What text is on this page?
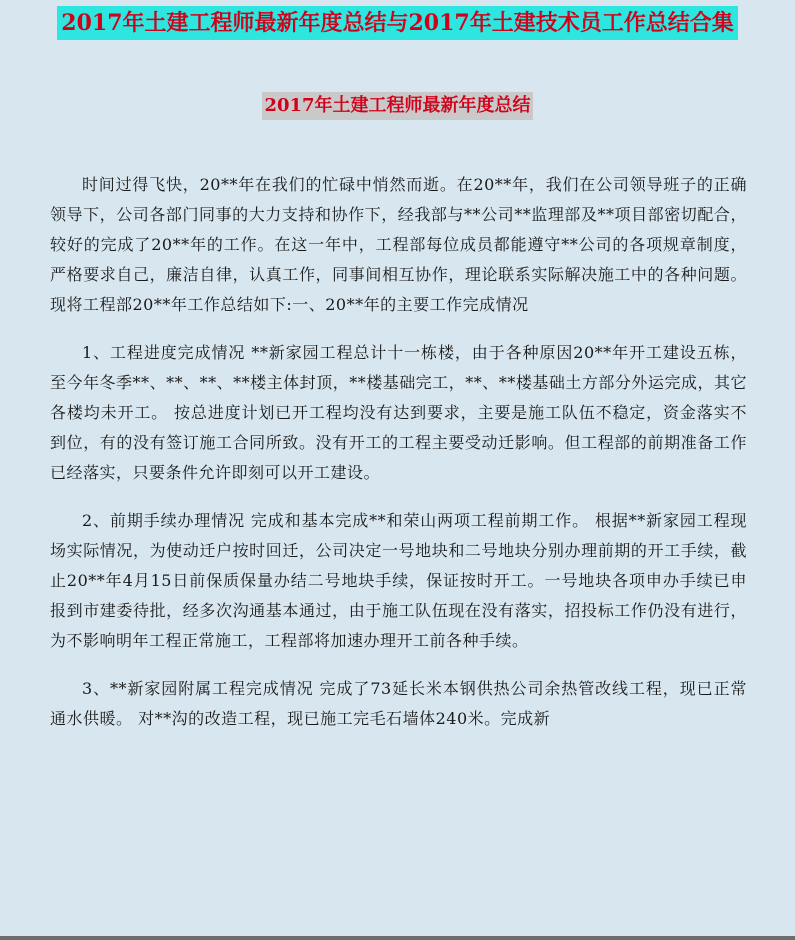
2017年土建工程师最新年度总结与2017年土建技术员工作总结合集
2017年土建工程师最新年度总结

时间过得飞快，20**年在我们的忙碌中悄然而逝。在20**年，我们在公司领导班子的正确领导下，公司各部门同事的大力支持和协作下，经我部与**公司**监理部及**项目部密切配合，较好的完成了20**年的工作。在这一年中，工程部每位成员都能遵守**公司的各项规章制度，严格要求自己，廉洁自律，认真工作，同事间相互协作，理论联系实际解决施工中的各种问题。 现将工程部20**年工作总结如下:一、20**年的主要工作完成情况

1、工程进度完成情况 **新家园工程总计十一栋楼，由于各种原因20**年开工建设五栋，至今年冬季**、**、**、**楼主体封顶，**楼基础完工，**、**楼基础土方部分外运完成，其它各楼均未开工。 按总进度计划已开工程均没有达到要求，主要是施工队伍不稳定，资金落实不到位，有的没有签订施工合同所致。没有开工的工程主要受动迁影响。但工程部的前期准备工作已经落实，只要条件允许即刻可以开工建设。

2、前期手续办理情况 完成和基本完成**和荣山两项工程前期工作。 根据**新家园工程现场实际情况，为使动迁户按时回迁，公司决定一号地块和二号地块分别办理前期的开工手续，截止20**年4月15日前保质保量办结二号地块手续，保证按时开工。一号地块各项申办手续已申报到市建委待批，经多次沟通基本通过，由于施工队伍现在没有落实，招投标工作仍没有进行，为不影响明年工程正常施工，工程部将加速办理开工前各种手续。

3、**新家园附属工程完成情况 完成了73延长米本钢供热公司余热管改线工程，现已正常通水供暖。 对**沟的改造工程，现已施工完毛石墙体240米。完成新
